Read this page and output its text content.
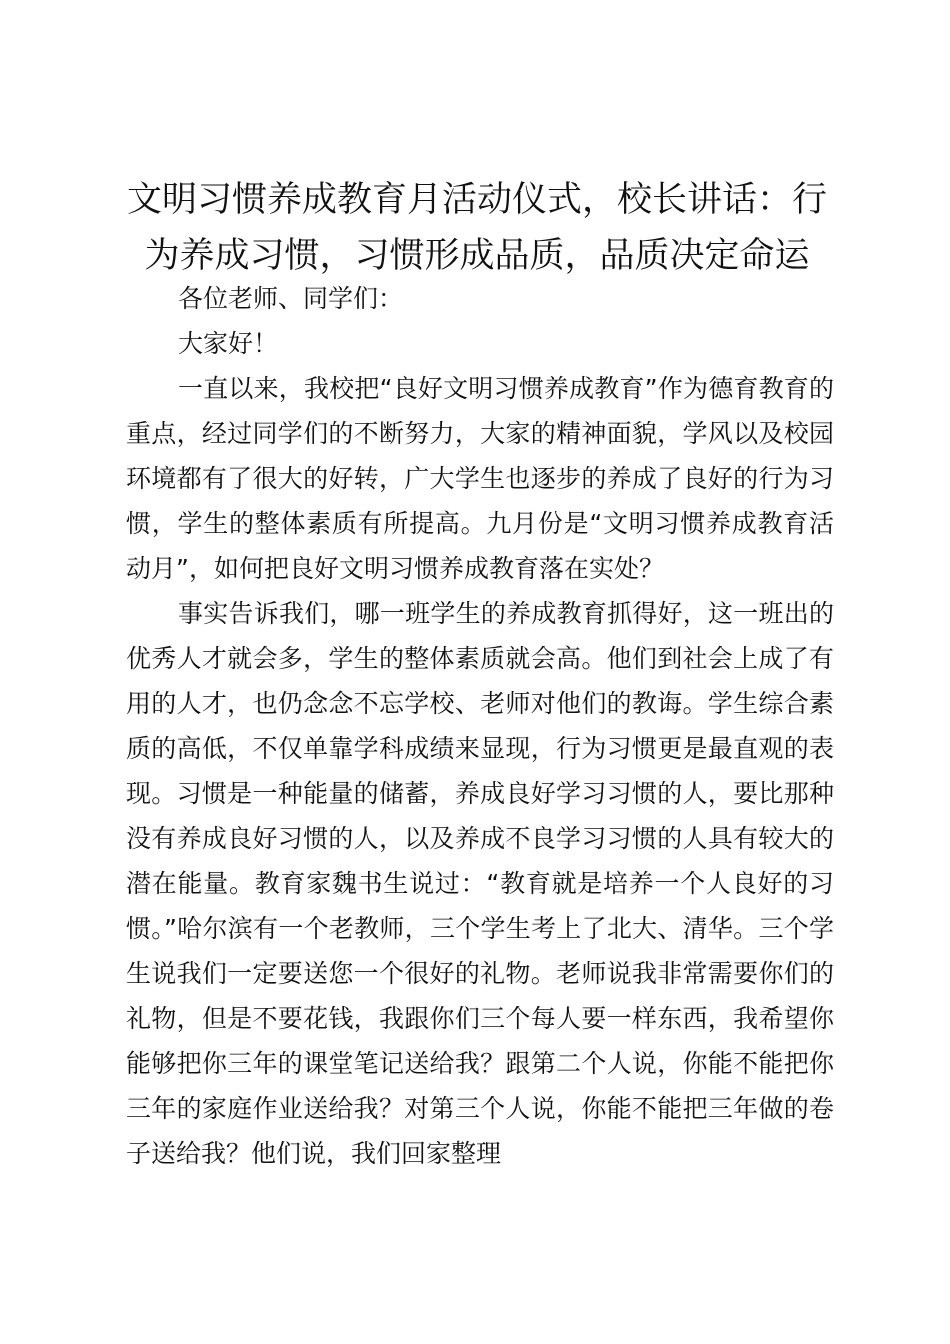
文明习惯养成教育月活动仪式，校长讲话：行为养成习惯，习惯形成品质，品质决定命运

各位老师、同学们：

大家好！

一直以来，我校把“良好文明习惯养成教育”作为德育教育的重点，经过同学们的不断努力，大家的精神面貌，学风以及校园环境都有了很大的好转，广大学生也逐步的养成了良好的行为习惯，学生的整体素质有所提高。九月份是“文明习惯养成教育活动月”，如何把良好文明习惯养成教育落在实处？

事实告诉我们，哪一班学生的养成教育抓得好，这一班出的优秀人才就会多，学生的整体素质就会高。他们到社会上成了有用的人才，也仍念念不忘学校、老师对他们的教诲。学生综合素质的高低，不仅单靠学科成绩来显现，行为习惯更是最直观的表现。习惯是一种能量的储蓄，养成良好学习习惯的人，要比那种没有养成良好习惯的人，以及养成不良学习习惯的人具有较大的潜在能量。教育家魏书生说过：“教育就是培养一个人良好的习惯。”哈尔滨有一个老教师，三个学生考上了北大、清华。三个学生说我们一定要送您一个很好的礼物。老师说我非常需要你们的礼物，但是不要花钱，我跟你们三个每人要一样东西，我希望你能够把你三年的课堂笔记送给我？跟第二个人说，你能不能把你三年的家庭作业送给我？对第三个人说，你能不能把三年做的卷子送给我？他们说，我们回家整理
